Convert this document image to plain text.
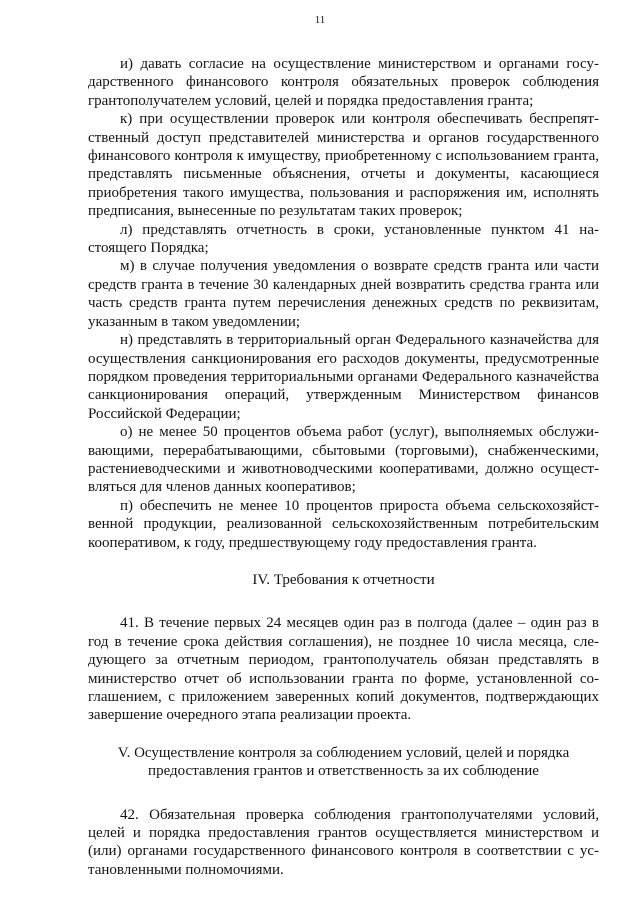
11

и) давать согласие на осуществление министерством и органами государственного финансового контроля обязательных проверок соблюдения грантополучателем условий, целей и порядка предоставления гранта;

к) при осуществлении проверок или контроля обеспечивать беспрепятственный доступ представителей министерства и органов государственного финансового контроля к имуществу, приобретенному с использованием гранта, представлять письменные объяснения, отчеты и документы, касающиеся приобретения такого имущества, пользования и распоряжения им, исполнять предписания, вынесенные по результатам таких проверок;

л) представлять отчетность в сроки, установленные пунктом 41 настоящего Порядка;

м) в случае получения уведомления о возврате средств гранта или части средств гранта в течение 30 календарных дней возвратить средства гранта или часть средств гранта путем перечисления денежных средств по реквизитам, указанным в таком уведомлении;

н) представлять в территориальный орган Федерального казначейства для осуществления санкционирования его расходов документы, предусмотренные порядком проведения территориальными органами Федерального казначейства санкционирования операций, утвержденным Министерством финансов Российской Федерации;

о) не менее 50 процентов объема работ (услуг), выполняемых обслуживающими, перерабатывающими, сбытовыми (торговыми), снабженческими, растениеводческими и животноводческими кооперативами, должно осуществляться для членов данных кооперативов;

п) обеспечить не менее 10 процентов прироста объема сельскохозяйственной продукции, реализованной сельскохозяйственным потребительским кооперативом, к году, предшествующему году предоставления гранта.

IV. Требования к отчетности

41. В течение первых 24 месяцев один раз в полгода (далее – один раз в год в течение срока действия соглашения), не позднее 10 числа месяца, следующего за отчетным периодом, грантополучатель обязан представлять в министерство отчет об использовании гранта по форме, установленной соглашением, с приложением заверенных копий документов, подтверждающих завершение очередного этапа реализации проекта.

V. Осуществление контроля за соблюдением условий, целей и порядка
предоставления грантов и ответственность за их соблюдение

42. Обязательная проверка соблюдения грантополучателями условий, целей и порядка предоставления грантов осуществляется министерством и (или) органами государственного финансового контроля в соответствии с установленными полномочиями.
